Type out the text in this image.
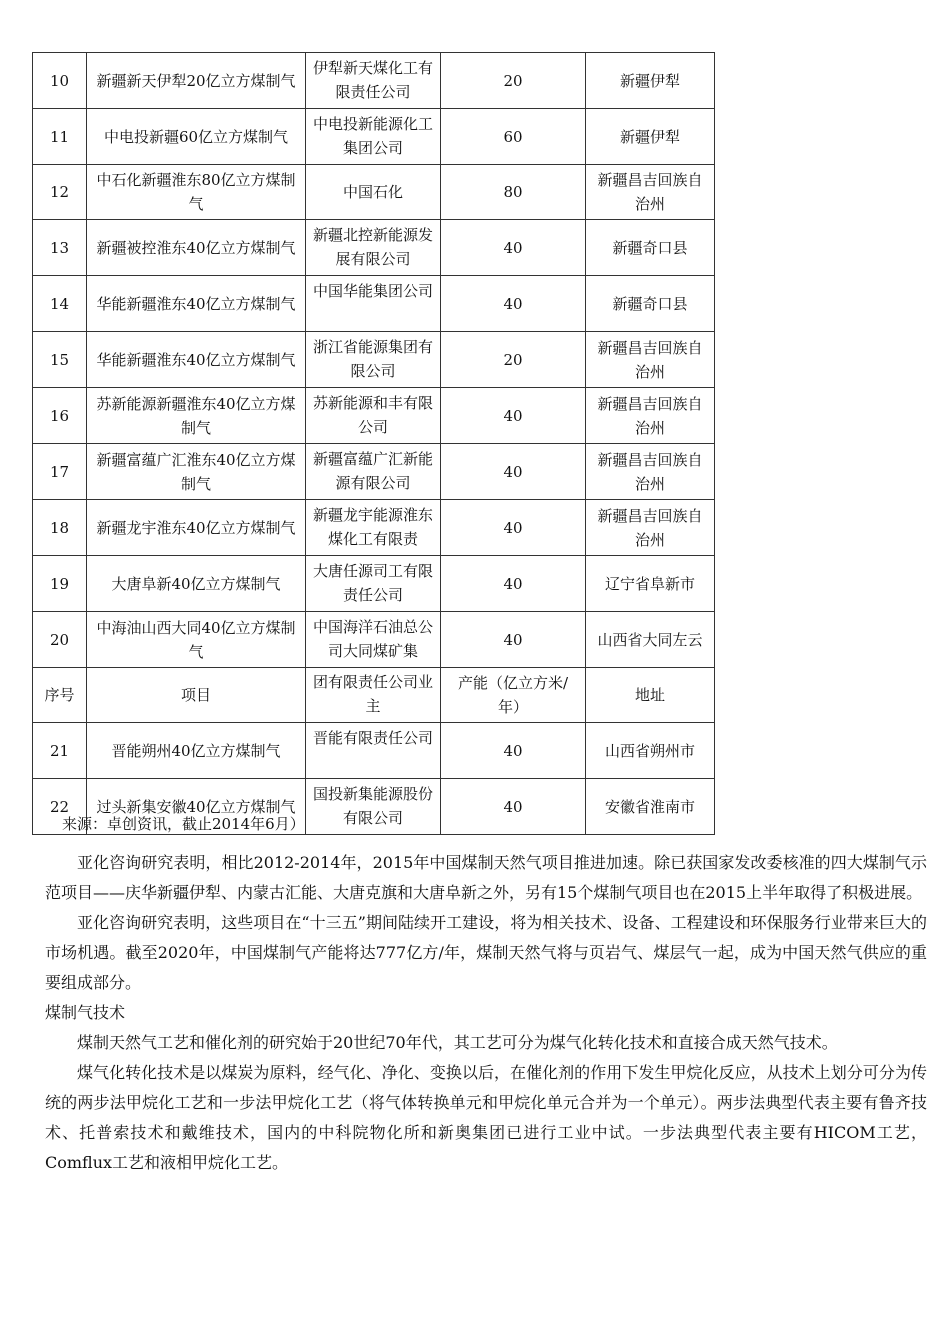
10	新疆新天伊犁20亿立方煤制气	伊犁新天煤化工有限责任公司	20	新疆伊犁
11	中电投新疆60亿立方煤制气	中电投新能源化工集团公司	60	新疆伊犁
12	中石化新疆淮东80亿立方煤制气	中国石化	80	新疆昌吉回族自治州
13	新疆被控淮东40亿立方煤制气	新疆北控新能源发展有限公司	40	新疆奇口县
14	华能新疆淮东40亿立方煤制气	中国华能集团公司	40	新疆奇口县
15	华能新疆淮东40亿立方煤制气	浙江省能源集团有限公司	20	新疆昌吉回族自治州
16	苏新能源新疆淮东40亿立方煤制气	苏新能源和丰有限公司	40	新疆昌吉回族自治州
17	新疆富蕴广汇淮东40亿立方煤制气	新疆富蕴广汇新能源有限公司	40	新疆昌吉回族自治州
18	新疆龙宇淮东40亿立方煤制气	新疆龙宇能源淮东煤化工有限责	40	新疆昌吉回族自治州
19	大唐阜新40亿立方煤制气	大唐任源司工有限责任公司	40	辽宁省阜新市
20	中海油山西大同40亿立方煤制气	中国海洋石油总公司大同煤矿集	40	山西省大同左云
序号	项目	团有限责任公司业主	产能（亿立方米/年）	地址
21	晋能朔州40亿立方煤制气	晋能有限责任公司	40	山西省朔州市
22	过头新集安徽40亿立方煤制气	国投新集能源股份有限公司	40	安徽省淮南市
来源：卓创资讯，截止2014年6月）

亚化咨询研究表明，相比2012-2014年，2015年中国煤制天然气项目推进加速。除已获国家发改委核准的四大煤制气示范项目——庆华新疆伊犁、内蒙古汇能、大唐克旗和大唐阜新之外，另有15个煤制气项目也在2015上半年取得了积极进展。

亚化咨询研究表明，这些项目在“十三五”期间陆续开工建设，将为相关技术、设备、工程建设和环保服务行业带来巨大的市场机遇。截至2020年，中国煤制气产能将达777亿方/年，煤制天然气将与页岩气、煤层气一起，成为中国天然气供应的重要组成部分。

煤制气技术

煤制天然气工艺和催化剂的研究始于20世纪70年代，其工艺可分为煤气化转化技术和直接合成天然气技术。

煤气化转化技术是以煤炭为原料，经气化、净化、变换以后，在催化剂的作用下发生甲烷化反应，从技术上划分可分为传统的两步法甲烷化工艺和一步法甲烷化工艺（将气体转换单元和甲烷化单元合并为一个单元）。两步法典型代表主要有鲁齐技术、托普索技术和戴维技术，国内的中科院物化所和新奥集团已进行工业中试。一步法典型代表主要有HICOM工艺，Comflux工艺和液相甲烷化工艺。
